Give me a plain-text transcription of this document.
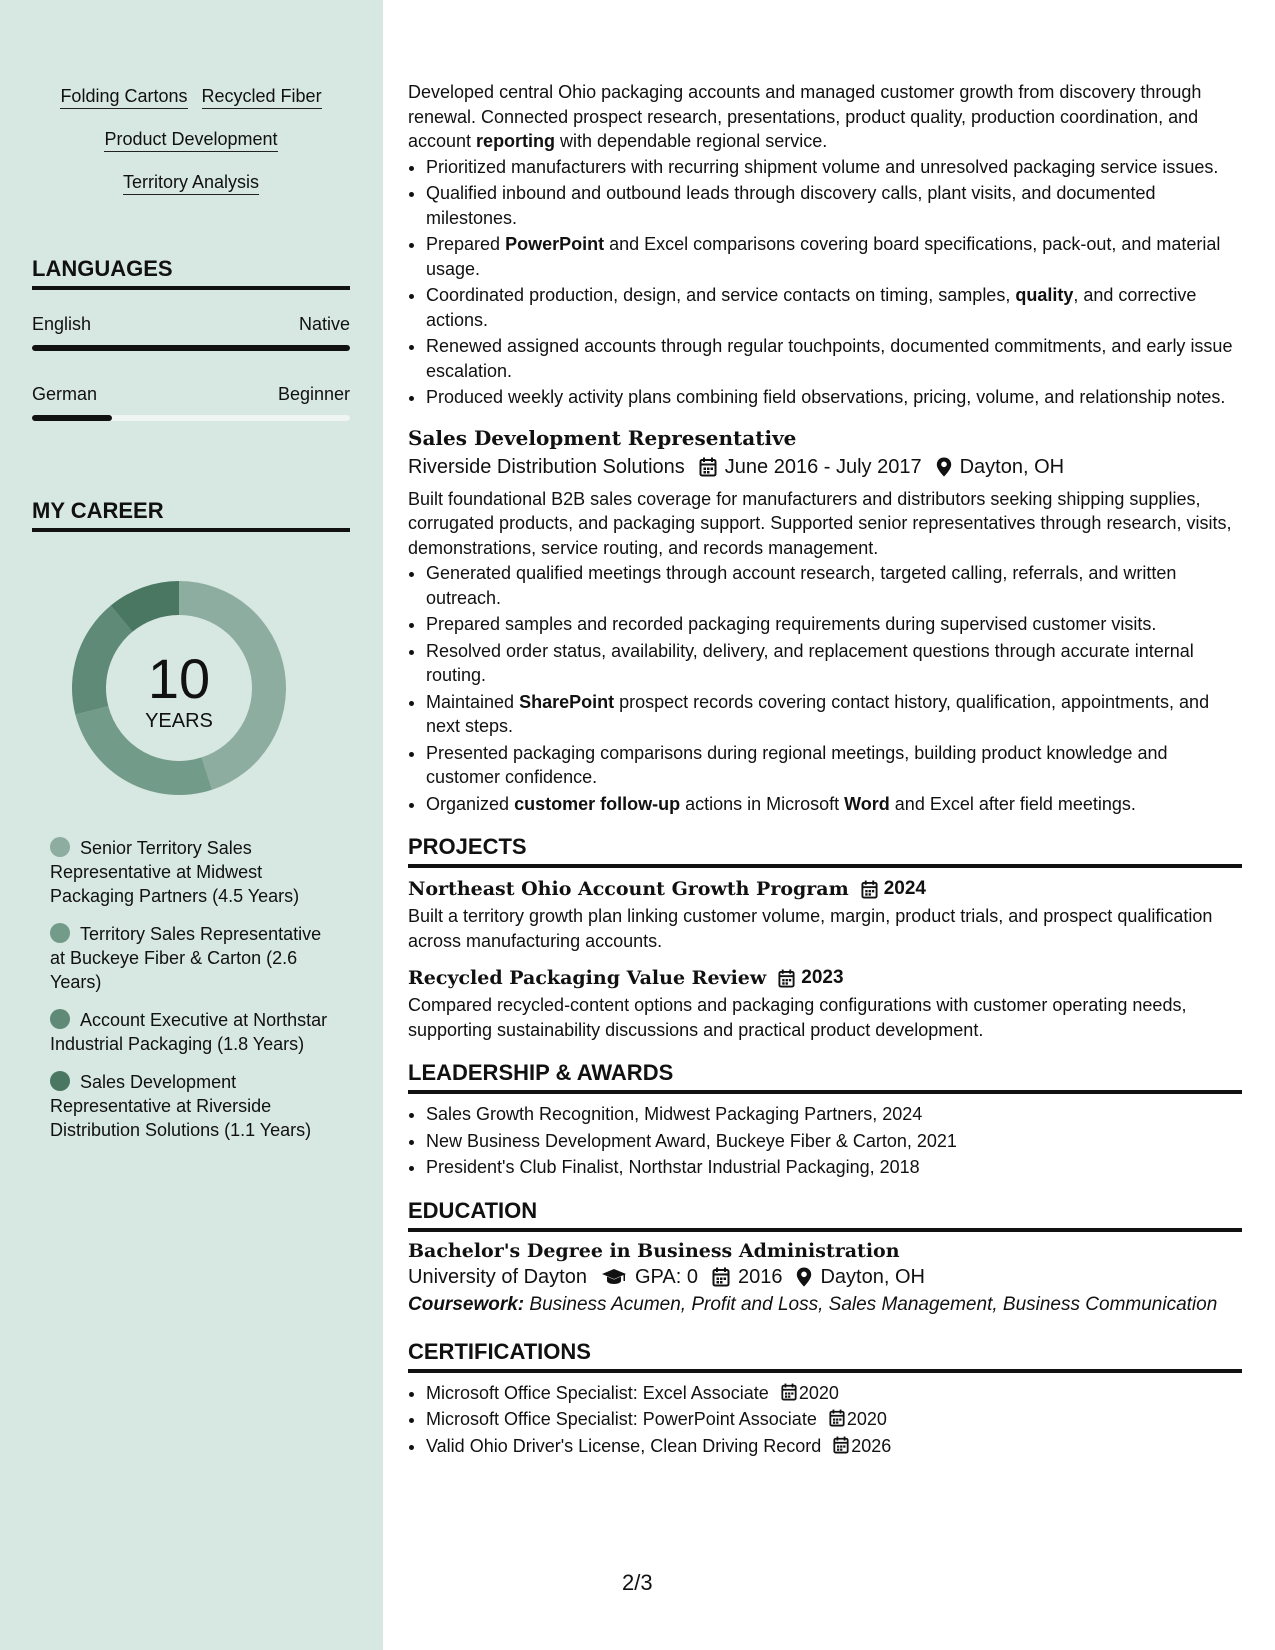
Folding Cartons Recycled Fiber
Product Development
Territory Analysis
LANGUAGES
English	Native
German	Beginner
MY CAREER
10
YEARS
Senior Territory Sales Representative at Midwest Packaging Partners (4.5 Years)
Territory Sales Representative at Buckeye Fiber & Carton (2.6 Years)
Account Executive at Northstar Industrial Packaging (1.8 Years)
Sales Development Representative at Riverside Distribution Solutions (1.1 Years)

Developed central Ohio packaging accounts and managed customer growth from discovery through renewal. Connected prospect research, presentations, product quality, production coordination, and account reporting with dependable regional service.

• Prioritized manufacturers with recurring shipment volume and unresolved packaging service issues.
• Qualified inbound and outbound leads through discovery calls, plant visits, and documented milestones.
• Prepared PowerPoint and Excel comparisons covering board specifications, pack-out, and material usage.
• Coordinated production, design, and service contacts on timing, samples, quality, and corrective actions.
• Renewed assigned accounts through regular touchpoints, documented commitments, and early issue escalation.
• Produced weekly activity plans combining field observations, pricing, volume, and relationship notes.
Sales Development Representative
Riverside Distribution Solutions June 2016 - July 2017 Dayton, OH

Built foundational B2B sales coverage for manufacturers and distributors seeking shipping supplies, corrugated products, and packaging support. Supported senior representatives through research, visits, demonstrations, service routing, and records management.

• Generated qualified meetings through account research, targeted calling, referrals, and written outreach.
• Prepared samples and recorded packaging requirements during supervised customer visits.
• Resolved order status, availability, delivery, and replacement questions through accurate internal routing.
• Maintained SharePoint prospect records covering contact history, qualification, appointments, and next steps.
• Presented packaging comparisons during regional meetings, building product knowledge and customer confidence.
• Organized customer follow-up actions in Microsoft Word and Excel after field meetings.
PROJECTS
Northeast Ohio Account Growth Program 2024

Built a territory growth plan linking customer volume, margin, product trials, and prospect qualification across manufacturing accounts.

Recycled Packaging Value Review 2023

Compared recycled-content options and packaging configurations with customer operating needs, supporting sustainability discussions and practical product development.

LEADERSHIP & AWARDS
• Sales Growth Recognition, Midwest Packaging Partners, 2024
• New Business Development Award, Buckeye Fiber & Carton, 2021
• President's Club Finalist, Northstar Industrial Packaging, 2018
EDUCATION
Bachelor's Degree in Business Administration
University of Dayton GPA: 0 2016 Dayton, OH
Coursework: Business Acumen, Profit and Loss, Sales Management, Business Communication
CERTIFICATIONS
• Microsoft Office Specialist: Excel Associate 2020
• Microsoft Office Specialist: PowerPoint Associate 2020
• Valid Ohio Driver's License, Clean Driving Record 2026
2/3
